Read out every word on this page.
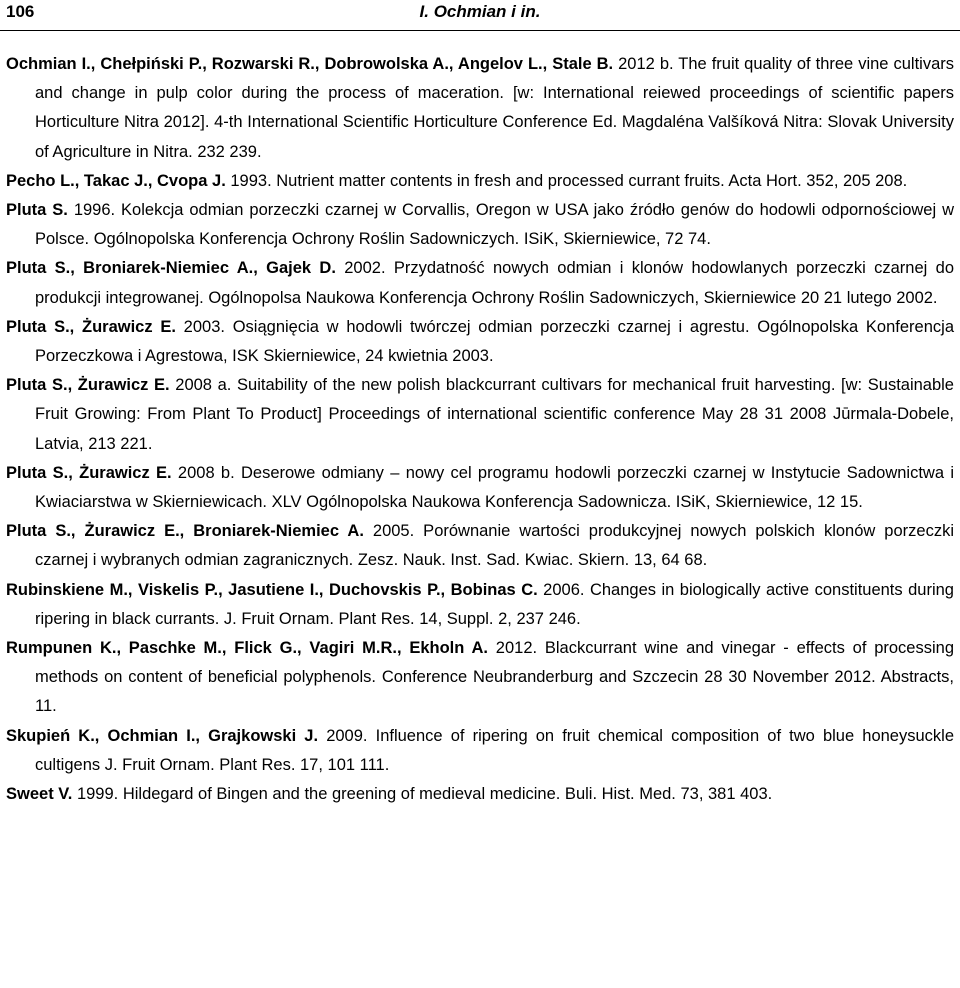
106	I. Ochmian i in.

Ochmian I., Chełpiński P., Rozwarski R., Dobrowolska A., Angelov L., Stale B. 2012 b. The fruit quality of three vine cultivars and change in pulp color during the process of maceration. [w: International reiewed proceedings of scientific papers Horticulture Nitra 2012]. 4-th International Scientific Horticulture Conference Ed. Magdaléna Valšíková Nitra: Slovak University of Agriculture in Nitra. 232 239.

Pecho L., Takac J., Cvopa J. 1993. Nutrient matter contents in fresh and processed currant fruits. Acta Hort. 352, 205 208.

Pluta S. 1996. Kolekcja odmian porzeczki czarnej w Corvallis, Oregon w USA jako źródło genów do hodowli odpornościowej w Polsce. Ogólnopolska Konferencja Ochrony Roślin Sadowniczych. ISiK, Skierniewice, 72 74.

Pluta S., Broniarek-Niemiec A., Gajek D. 2002. Przydatność nowych odmian i klonów hodowlanych porzeczki czarnej do produkcji integrowanej. Ogólnopolsa Naukowa Konferencja Ochrony Roślin Sadowniczych, Skierniewice 20 21 lutego 2002.

Pluta S., Żurawicz E. 2003. Osiągnięcia w hodowli twórczej odmian porzeczki czarnej i agrestu. Ogólnopolska Konferencja Porzeczkowa i Agrestowa, ISK Skierniewice, 24 kwietnia 2003.

Pluta S., Żurawicz E. 2008 a. Suitability of the new polish blackcurrant cultivars for mechanical fruit harvesting. [w: Sustainable Fruit Growing: From Plant To Product] Proceedings of international scientific conference May 28 31 2008 Jūrmala-Dobele, Latvia, 213 221.

Pluta S., Żurawicz E. 2008 b. Deserowe odmiany – nowy cel programu hodowli porzeczki czarnej w Instytucie Sadownictwa i Kwiaciarstwa w Skierniewicach. XLV Ogólnopolska Naukowa Konferencja Sadownicza. ISiK, Skierniewice, 12 15.

Pluta S., Żurawicz E., Broniarek-Niemiec A. 2005. Porównanie wartości produkcyjnej nowych polskich klonów porzeczki czarnej i wybranych odmian zagranicznych. Zesz. Nauk. Inst. Sad. Kwiac. Skiern. 13, 64 68.

Rubinskiene M., Viskelis P., Jasutiene I., Duchovskis P., Bobinas C. 2006. Changes in biologically active constituents during ripering in black currants. J. Fruit Ornam. Plant Res. 14, Suppl. 2, 237 246.

Rumpunen K., Paschke M., Flick G., Vagiri M.R., Ekholn A. 2012. Blackcurrant wine and vinegar - effects of processing methods on content of beneficial polyphenols. Conference Neubranderburg and Szczecin 28 30 November 2012. Abstracts, 11.

Skupień K., Ochmian I., Grajkowski J. 2009. Influence of ripering on fruit chemical composition of two blue honeysuckle cultigens J. Fruit Ornam. Plant Res. 17, 101 111.

Sweet V. 1999. Hildegard of Bingen and the greening of medieval medicine. Buli. Hist. Med. 73, 381 403.
